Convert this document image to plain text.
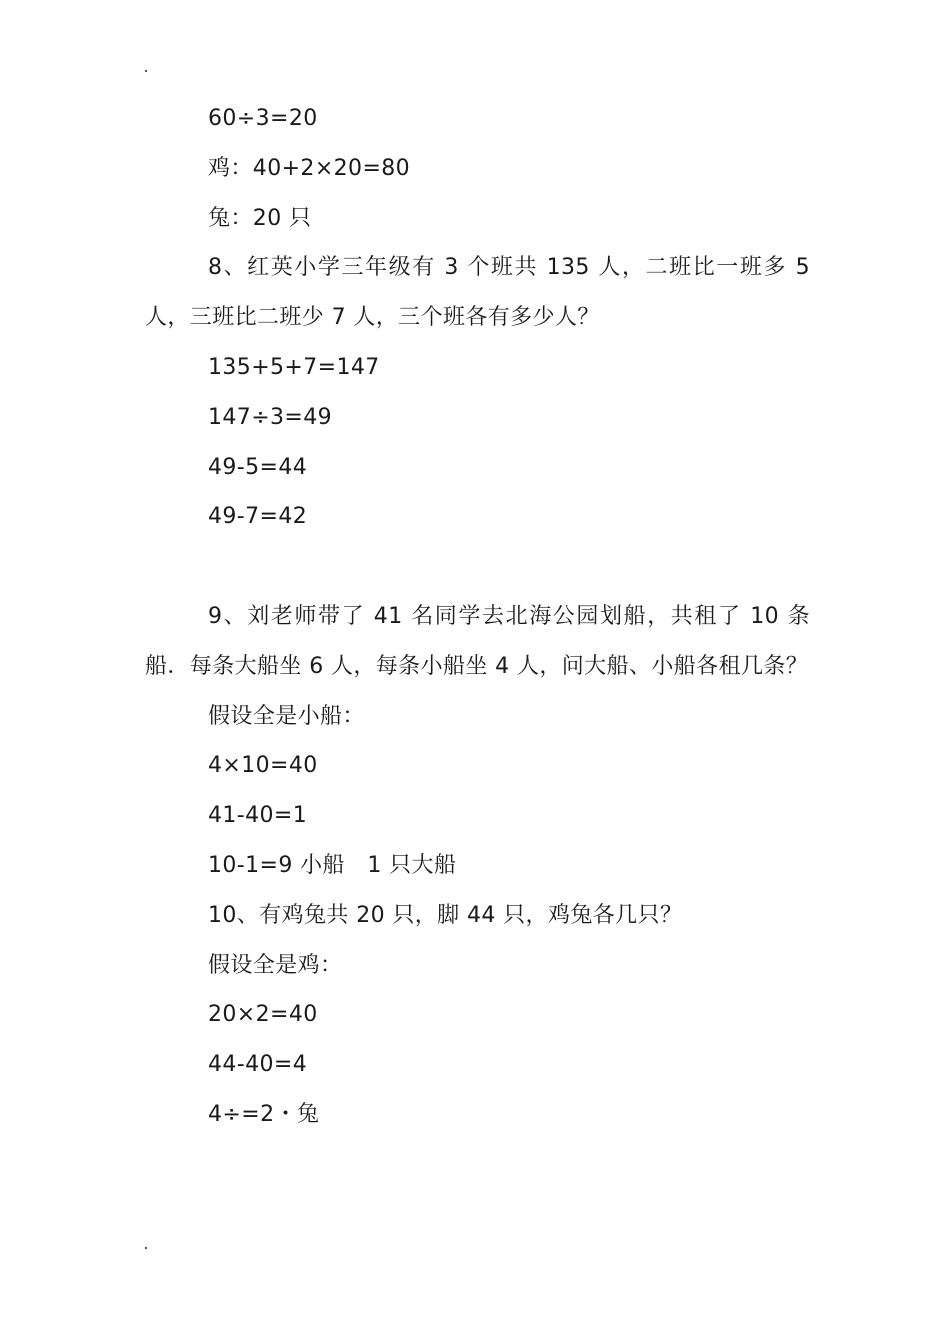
60÷3=20

鸡：40+2×20=80

兔：20 只

8、红英小学三年级有 3 个班共 135 人，二班比一班多 5 人，三班比二班少 7 人，三个班各有多少人？

135+5+7=147

147÷3=49

49-5=44

49-7=42

9、刘老师带了 41 名同学去北海公园划船，共租了 10 条船．每条大船坐 6 人，每条小船坐 4 人，问大船、小船各租几条？

假设全是小船：

4×10=40

41-40=1

10-1=9 小船　1 只大船

10、有鸡兔共 20 只，脚 44 只，鸡兔各几只？

假设全是鸡：

20×2=40

44-40=4

4÷=2・兔
